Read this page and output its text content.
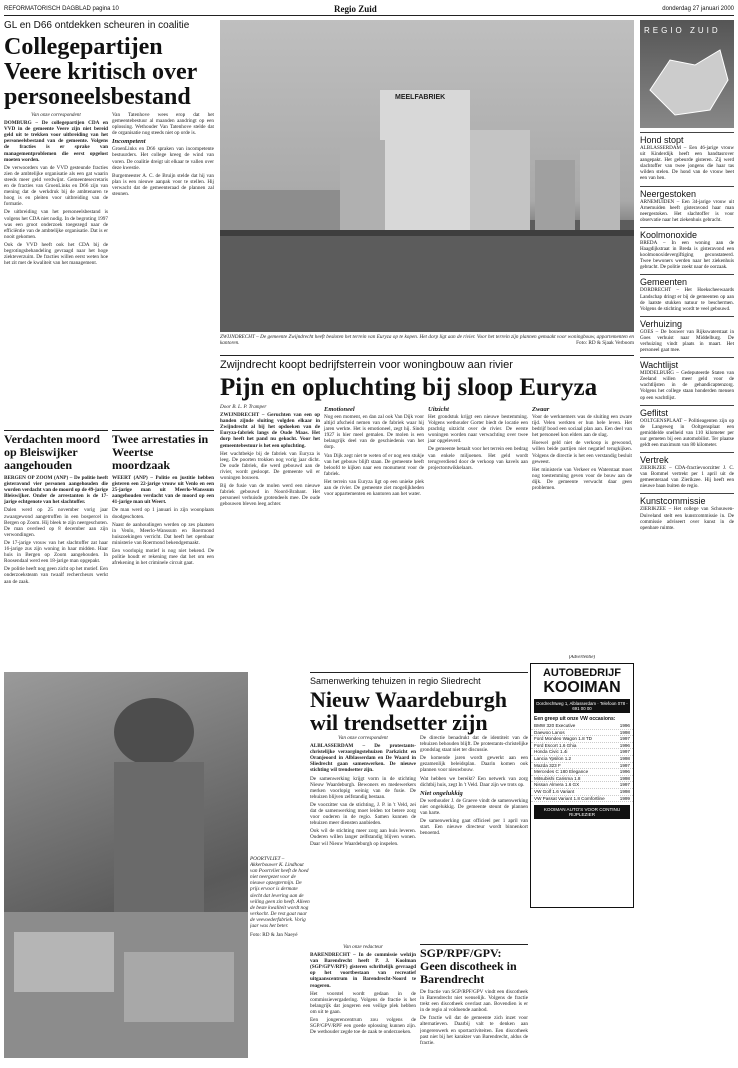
REFORMATORISCH DAGBLAD pagina 10	Regio Zuid	donderdag 27 januari 2000
GL en D66 ontdekken scheuren in coalitie
Collegepartijen Veere kritisch over personeelsbestand

Van onze correspondent

DOMBURG – De collegepartijen CDA en VVD in de gemeente Veere zijn niet bereid geld uit te trekken voor uitbreiding van het personeelsbestand van de gemeente. Volgens de fracties is er sprake van managementproblemen die eerst opgelost moeten worden.

De verwoorders van de VVD gesteunde fracties zien de ambtelijke organisatie als een gat waarin steeds meer geld verdwijnt. Gemeentesecretaris en de fracties van GroenLinks en D66 zijn van mening dat de werkdruk bij de ambtenaren te hoog is en pleiten voor uitbreiding van de formatie.

De uitbreiding van het personeelsbestand is volgens het CDA niet nodig. In de begroting 1997 was een groot onderzoek toegezegd naar de efficiëntie van de ambtelijke organisatie. Dat is er nooit gekomen.

Ook de VVD heeft ook het CDA bij de begrotingsbehandeling gevraagd naar het hoge ziekteverzuim. De fracties willen eerst weten hoe het zit met de kwaliteit van het management.

Van Tatenhove wees erop dat het gemeentebestuur al maanden aandringt op een oplossing. Wethouder Van Tatenhove stelde dat de organisatie nog steeds niet op orde is.

Incompetent

GroenLinks en D66 spraken van incompetente bestuurders. Het college kreeg de wind van voren. De coalitie dreigt uit elkaar te vallen over deze kwestie.

Burgemeester A. C. de Bruijn stelde dat hij van plan is een nieuwe aanpak voor te stellen. Hij verwacht dat de gemeenteraad de plannen zal steunen.

MEELFABRIEK
ZWIJNDRECHT – De gemeente Zwijndrecht heeft besloten het terrein van Euryza op te kopen. Het dorp ligt aan de rivier. Voor het terrein zijn plannen gemaakt voor woningbouw, appartementen en kantoren.	Foto: RD & Sjaak Verboom
Zwijndrecht koopt bedrijfsterrein voor woningbouw aan rivier
Pijn en opluchting bij sloop Euryza

Door B. L. P. Tramper

ZWIJNDRECHT – Geruchten van een op handen zijnde sluiting volgden elkaar in Zwijndrecht al bij het opdoeken van de Euryza-fabriek langs de Oude Maas. Het dorp heeft het pand nu gekocht. Voor het gemeentebestuur is het een opluchting.

Het wachtbekje bij de fabriek van Euryza is leeg. De poorten trokken nog vorig jaar dicht. De oude fabriek, die werd gebouwd aan de rivier, wordt gesloopt. De gemeente wil er woningen bouwen.

Bij de fusie van de molen werd een nieuwe fabriek gebouwd in Noord-Brabant. Het personeel verhuisde grotendeels mee. De oude gebouwen bleven leeg achter.

Emotioneel

Nog een moment, en dan zal ook Van Dijk voor altijd afscheid nemen van de fabriek waar hij jaren werkte. Het is emotioneel, zegt hij. Sinds 1927 is hier meel gemalen. De molen is een belangrijk deel van de geschiedenis van het dorp.

Van Dijk zegt niet te weten of er nog een stukje van het gebouw blijft staan. De gemeente heeft beloofd te kijken naar een monument voor de fabriek.

Het terrein van Euryza ligt op een unieke plek aan de rivier. De gemeente ziet mogelijkheden voor appartementen en kantoren aan het water.

Uitzicht

Het grondstuk krijgt een nieuwe bestemming. Volgens wethouder Gorter biedt de locatie een prachtig uitzicht over de rivier. De eerste woningen worden naar verwachting over twee jaar opgeleverd.

De gemeente betaalt voor het terrein een bedrag van enkele miljoenen. Het geld wordt terugverdiend door de verkoop van kavels aan projectontwikkelaars.

Zwaar

Voor de werknemers was de sluiting een zware tijd. Velen werkten er hun hele leven. Het bedrijf bood een sociaal plan aan. Een deel van het personeel kon elders aan de slag.

Hoewel geld niet de verkoop is gewoond, willen beide partijen niet negatief terugkijken. Volgens de directie is het een verstandig besluit geweest.

Het ministerie van Verkeer en Waterstaat moet nog toestemming geven voor de bouw aan de dijk. De gemeente verwacht daar geen problemen.

Verdachten moord op Bleiswijker aangehouden

BERGEN OP ZOOM (ANP) – De politie heeft gisteravond vier personen aangehouden die worden verdacht van de moord op de 49-jarige Bleiswijker. Onder de arrestanten is de 17-jarige echtgenote van het slachtoffer.

Dalen werd op 25 november vorig jaar zwaargewond aangetroffen in een bospercel in Bergen op Zoom. Hij bleek te zijn neergeschoten. De man overleed op 8 december aan zijn verwondingen.

De 17-jarige vrouw van het slachtoffer zat haar 16-jarige zus zijn woning in haar midden. Haar huis in Bergen op Zoom aangehouden. In Roosendaal werd een 18-jarige man opgepakt.

De politie heeft nog geen zicht op het motief. Een onderzoeksteam van twaalf rechercheurs werkt aan de zaak.

Twee arrestaties in Weertse moordzaak

WEERT (ANP) – Politie en justitie hebben gisteren een 22-jarige vrouw uit Venlo en een 25-jarige man uit Meerlo-Wanssum aangehouden verdacht van de moord op een 41-jarige man uit Weert.

De man werd op 1 januari in zijn woonplaats doodgeschoten.

Naast de aanhoudingen werden op zes plaatsen in Venlo, Meerlo-Wanssum en Roermond huiszoekingen verricht. Dat heeft het openbaar ministerie van Roermond bekendgemaakt.

Een voorlopig motief is nog niet bekend. De politie houdt er rekening mee dat het om een afrekening in het criminele circuit gaat.

POORTVLIET – Akkerbouwer K. Lindhout van Poortvliet heeft de hoed niet neergezet voor de nieuwe opzegtermijn. De prijs ervoor is dermate slecht dat levering aan de veiling geen zin heeft. Alleen de beste kwaliteit wordt nog verkocht. De rest gaat naar de veevoederfabriek. Vorig jaar was het beter.
Foto: RD & Jan Naeyé
Samenwerking tehuizen in regio Sliedrecht
Nieuw Waardeburgh wil trendsetter zijn

Van onze correspondent

ALBLASSERDAM – De protestants-christelijke verzorgingstehuizen Parkzicht en Oranjeoord in Alblasserdam en De Waard in Sliedrecht gaan samenwerken. De nieuwe stichting wil trendsetter zijn.

De samenwerking krijgt vorm in de stichting Nieuw Waardeburgh. Bewoners en medewerkers merken voorlopig weinig van de fusie. De tehuizen blijven zelfstandig bestaan.

De voorzitter van de stichting, J. P. in 't Veld, zei dat de samenwerking moet leiden tot betere zorg voor ouderen in de regio. Samen kunnen de tehuizen meer diensten aanbieden.

Ook wil de stichting meer zorg aan huis leveren. Ouderen willen langer zelfstandig blijven wonen. Daar wil Nieuw Waardeburgh op inspelen.

De directie benadrukt dat de identiteit van de tehuizen behouden blijft. De protestants-christelijke grondslag staat niet ter discussie.

De komende jaren wordt gewerkt aan een gezamenlijk beleidsplan. Daarin komen ook plannen voor nieuwbouw.

Wat hebben we bereikt? Een netwerk van zorg dichtbij huis, zegt In 't Veld. Daar zijn we trots op.

Niet ongelukkig

De wethouder J. de Graeve vindt de samenwerking niet ongelukkig. De gemeente steunt de plannen van harte.

De samenwerking gaat officieel per 1 april van start. Een nieuwe directeur wordt binnenkort benoemd.

Van onze redacteur

BARENDRECHT – In de commissie welzijn van Barendrecht heeft P. J. Koolman (SGP/GPV/RPF) gisteren schriftelijk gevraagd op het voortbestaan van recreatief uitgaanscentrum in Barendrecht-Noord te reageren.

Het voorstel wordt gedaan in de commissievergadering. Volgens de fractie is het belangrijk dat jongeren een veilige plek hebben om uit te gaan.

Een jongerencentrum zou volgens de SGP/GPV/RPF een goede oplossing kunnen zijn. De wethouder zegde toe de zaak te onderzoeken.

SGP/RPF/GPV: Geen discotheek in Barendrecht

De fractie van SGP/RPF/GPV vindt een discotheek in Barendrecht niet wenselijk. Volgens de fractie trekt een discotheek overlast aan. Bovendien is er in de regio al voldoende aanbod.

De fractie wil dat de gemeente zich inzet voor alternatieven. Daarbij valt te denken aan jongerenwerk en sportactiviteiten. Een discotheek past niet bij het karakter van Barendrecht, aldus de fractie.

(Advertentie)
AUTOBEDRIJF
KOOIMAN
Dordrechtweg 1, Alblasserdam · Telefoon 078 - 691 00 00
Een greep uit onze VW occasions:
BMW 320 Executive	1996
Daewoo Lanos	1998
Ford Mondeo Wagon 1.8 TD	1997
Ford Escort 1.6 Ghia	1996
Honda Civic 1.4i	1997
Lancia Ypsilon 1.2	1998
Mazda 323 F	1997
Mercedes C 180 Elegance	1996
Mitsubishi Carisma 1.8	1998
Nissan Almera 1.6 GX	1997
VW Golf 1.6 Variant	1998
VW Passat Variant 1.8 Comfortline	1999
KOOIMAN AUTO'S VOOR CONTINU RIJPLEZIER
REGIO ZUID
Hond stopt
ALBLASSERDAM – Een 46-jarige vrouw uit Kinderdijk heeft een handtasrover aangepakt. Het gebeurde gisteren. Zij werd slachtoffer van twee jongens die haar tas wilden stelen. De hond van de vrouw beet een van hen.
Neergestoken
ARNEMUIDEN – Een 34-jarige vrouw uit Arnemuiden heeft gisteravond haar man neergestoken. Het slachtoffer is voor observatie naar het ziekenhuis gebracht.
Koolmonoxide
BREDA – In een woning aan de Haagdijkstraat in Breda is gisteravond een koolmonoxidevergiftiging geconstateerd. Twee bewoners werden naar het ziekenhuis gebracht. De politie zoekt naar de oorzaak.
Gemeenten
DORDRECHT – Het Hoekscheewaards Landschap dringt er bij de gemeenten op aan de laatste stukken natuur te beschermen. Volgens de stichting wordt te veel gebouwd.
Verhuizing
GOES – De bouwer van Rijkswaterstaat in Goes verhuist naar Middelburg. De verhuizing vindt plaats in maart. Het personeel gaat mee.
Wachtlijst
MIDDELBURG – Gedeputeerde Staten van Zeeland willen meer geld voor de wachtlijsten in de gehandicaptenzorg. Volgens het college staan honderden mensen op een wachtlijst.
Geflitst
OOLTGENSPLAAT – Politieagenten zijn op de Langeweg in Ooltgensplaat een gemiddelde snelheid van 110 kilometer per uur gemeten bij een automobilist. Ter plaatse geldt een maximum van 80 kilometer.
Vertrek
ZIERIKZEE – CDA-fractievoorzitter J. C. van Bommel vertrekt per 1 april uit de gemeenteraad van Zierikzee. Hij heeft een nieuwe baan buiten de regio.
Kunstcommissie
ZIERIKZEE – Het college van Schouwen-Duiveland stelt een kunstcommissie in. De commissie adviseert over kunst in de openbare ruimte.
